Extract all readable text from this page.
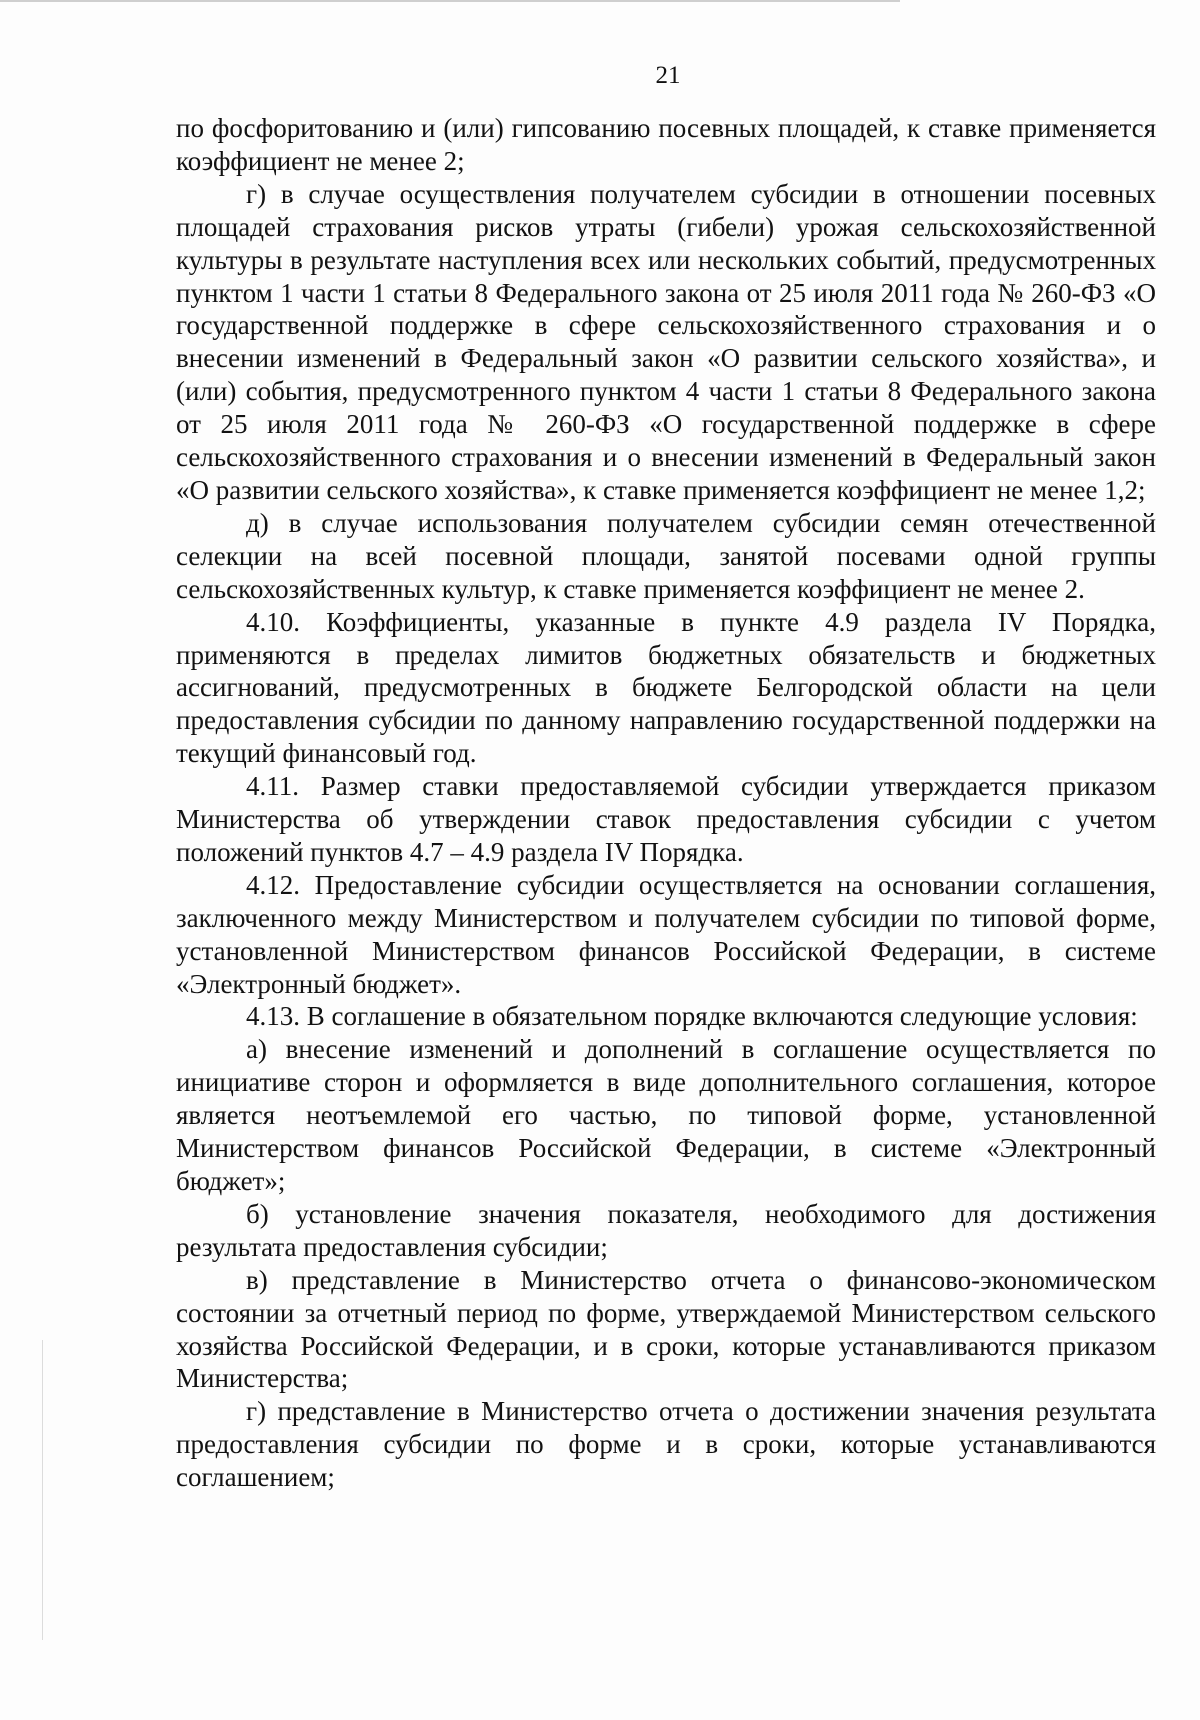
21

по фосфоритованию и (или) гипсованию посевных площадей, к ставке применяется коэффициент не менее 2;

г) в случае осуществления получателем субсидии в отношении посевных площадей страхования рисков утраты (гибели) урожая сельскохозяйственной культуры в результате наступления всех или нескольких событий, предусмотренных пунктом 1 части 1 статьи 8 Федерального закона от 25 июля 2011 года № 260-ФЗ «О государственной поддержке в сфере сельскохозяйственного страхования и о внесении изменений в Федеральный закон «О развитии сельского хозяйства», и (или) события, предусмотренного пунктом 4 части 1 статьи 8 Федерального закона от 25 июля 2011 года № 260-ФЗ «О государственной поддержке в сфере сельскохозяйственного страхования и о внесении изменений в Федеральный закон «О развитии сельского хозяйства», к ставке применяется коэффициент не менее 1,2;

д) в случае использования получателем субсидии семян отечественной селекции на всей посевной площади, занятой посевами одной группы сельскохозяйственных культур, к ставке применяется коэффициент не менее 2.

4.10. Коэффициенты, указанные в пункте 4.9 раздела IV Порядка, применяются в пределах лимитов бюджетных обязательств и бюджетных ассигнований, предусмотренных в бюджете Белгородской области на цели предоставления субсидии по данному направлению государственной поддержки на текущий финансовый год.

4.11. Размер ставки предоставляемой субсидии утверждается приказом Министерства об утверждении ставок предоставления субсидии с учетом положений пунктов 4.7 – 4.9 раздела IV Порядка.

4.12. Предоставление субсидии осуществляется на основании соглашения, заключенного между Министерством и получателем субсидии по типовой форме, установленной Министерством финансов Российской Федерации, в системе «Электронный бюджет».

4.13. В соглашение в обязательном порядке включаются следующие условия:

а) внесение изменений и дополнений в соглашение осуществляется по инициативе сторон и оформляется в виде дополнительного соглашения, которое является неотъемлемой его частью, по типовой форме, установленной Министерством финансов Российской Федерации, в системе «Электронный бюджет»;

б) установление значения показателя, необходимого для достижения результата предоставления субсидии;

в) представление в Министерство отчета о финансово-экономическом состоянии за отчетный период по форме, утверждаемой Министерством сельского хозяйства Российской Федерации, и в сроки, которые устанавливаются приказом Министерства;

г) представление в Министерство отчета о достижении значения результата предоставления субсидии по форме и в сроки, которые устанавливаются соглашением;
